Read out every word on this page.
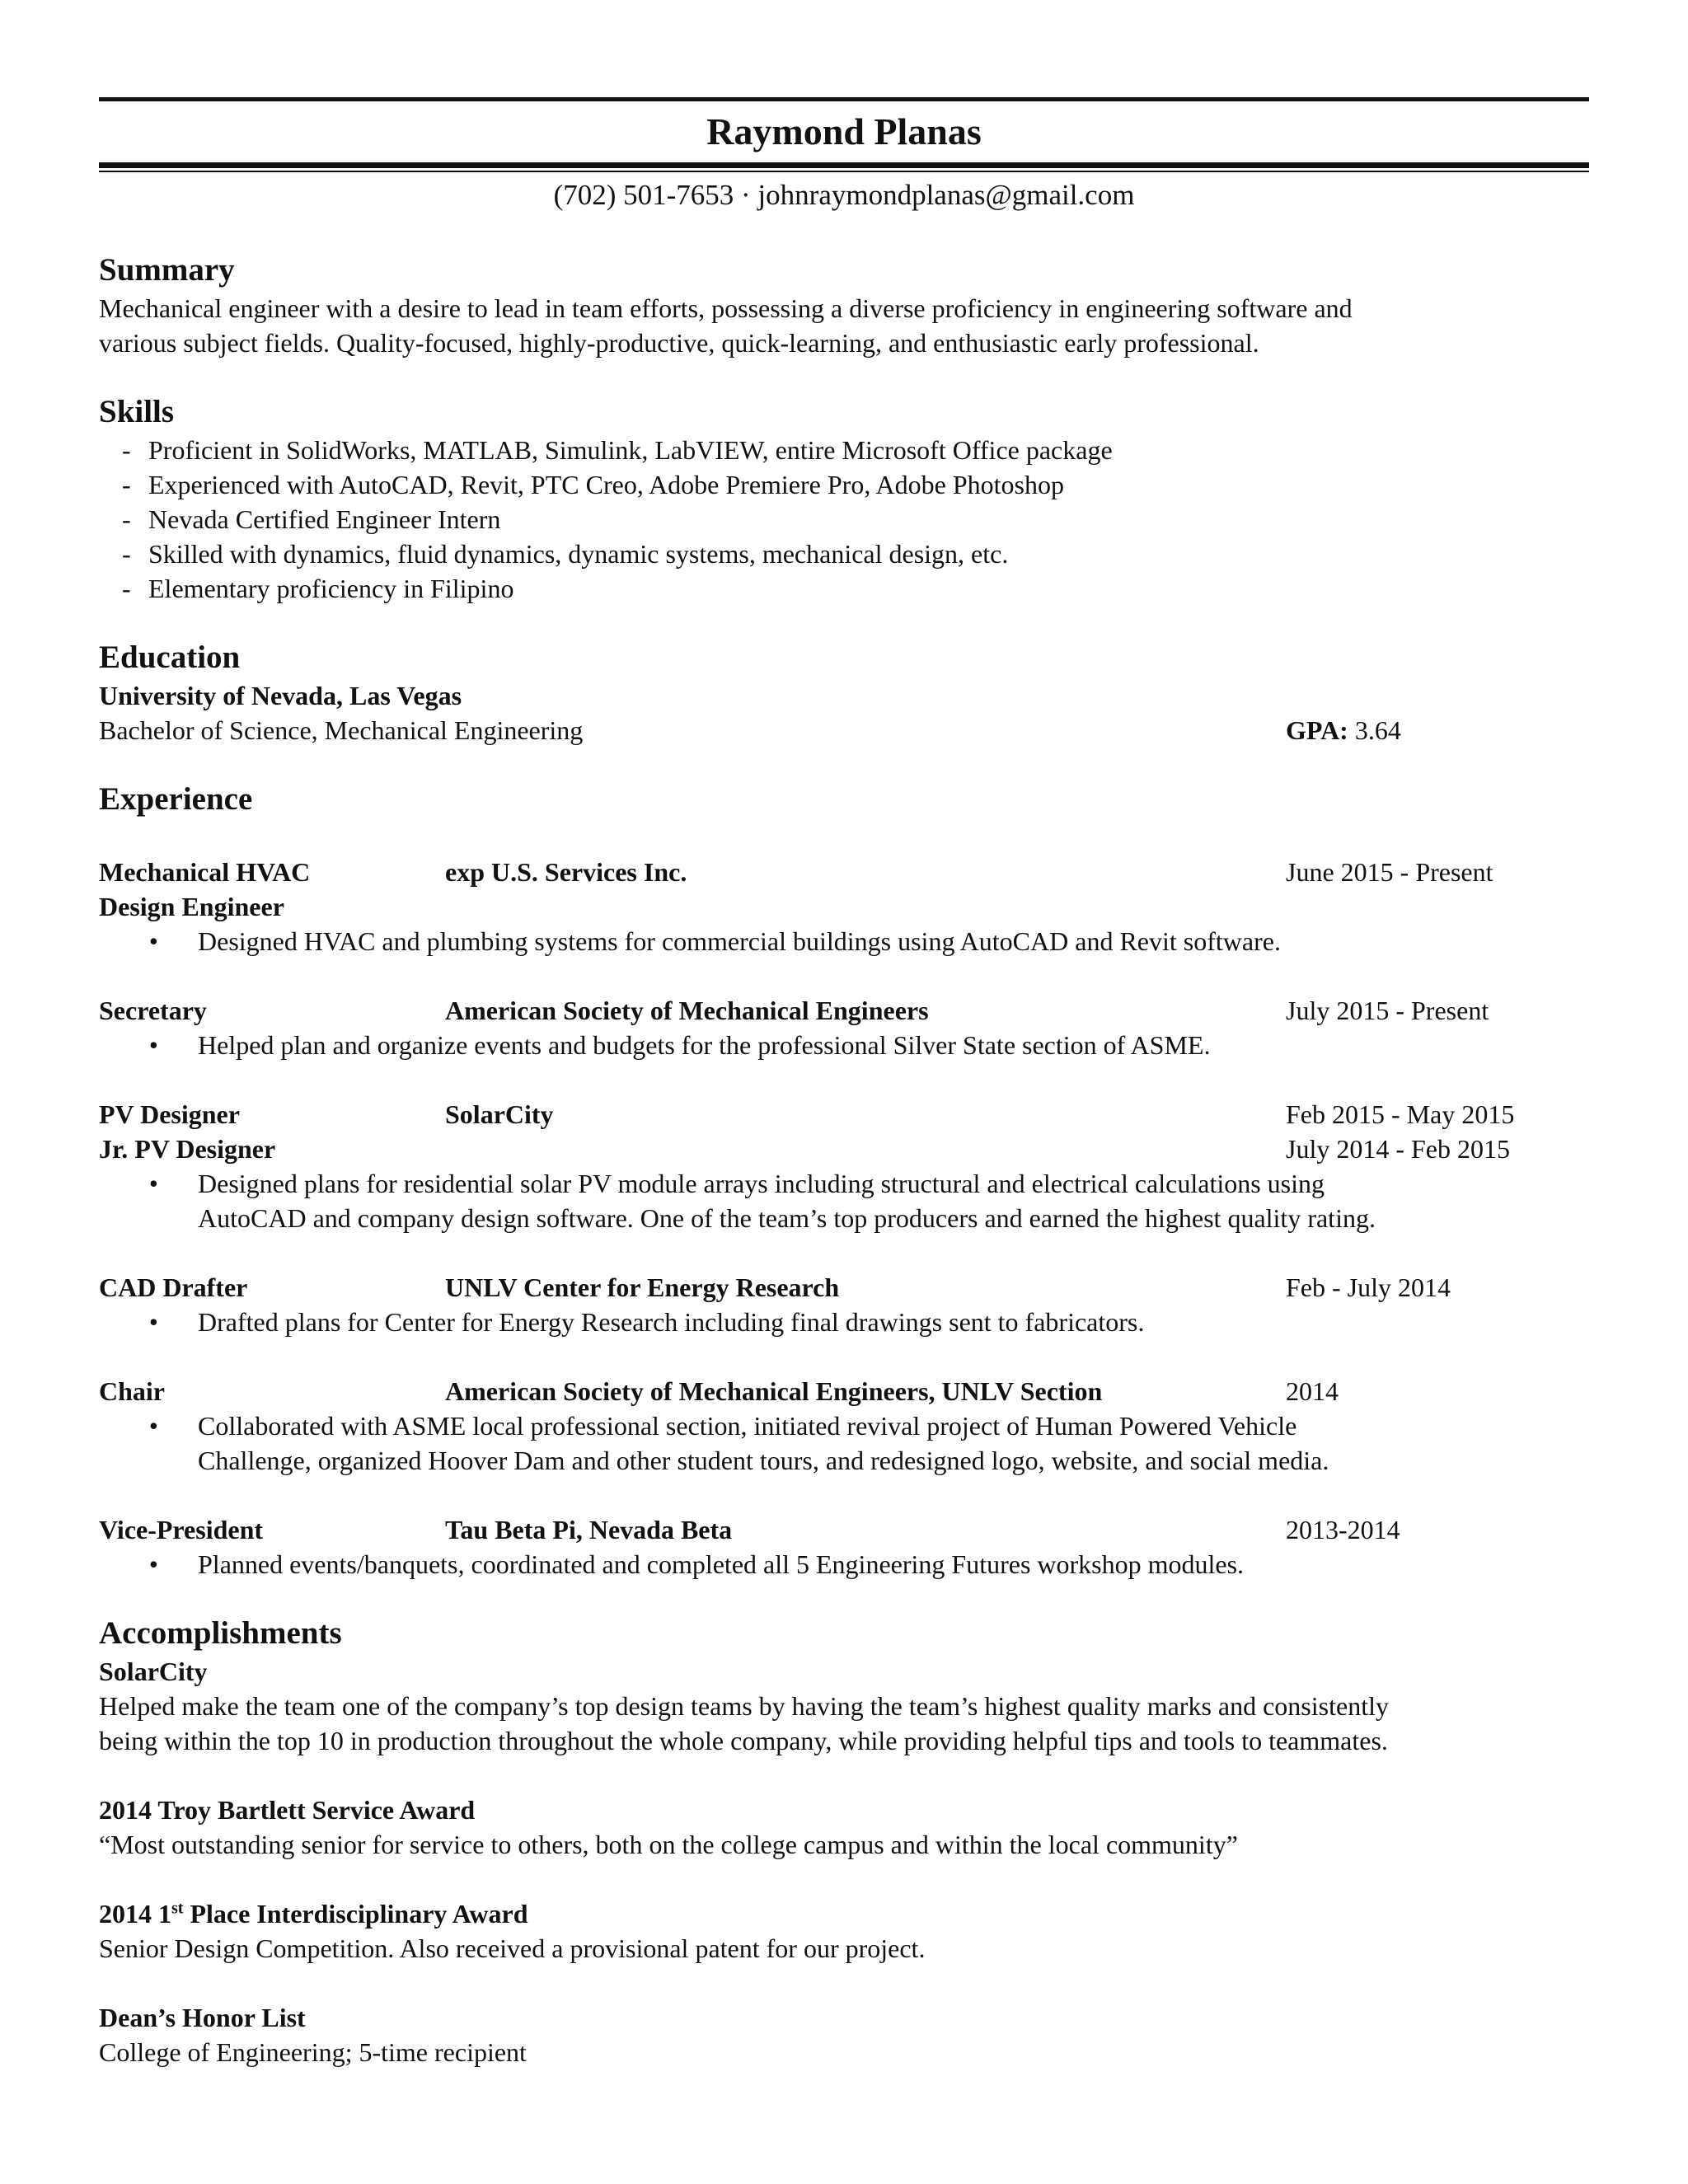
Raymond Planas
(702) 501-7653 · johnraymondplanas@gmail.com
Summary
Mechanical engineer with a desire to lead in team efforts, possessing a diverse proficiency in engineering software and
various subject fields. Quality-focused, highly-productive, quick-learning, and enthusiastic early professional.
Skills
- Proficient in SolidWorks, MATLAB, Simulink, LabVIEW, entire Microsoft Office package
- Experienced with AutoCAD, Revit, PTC Creo, Adobe Premiere Pro, Adobe Photoshop
- Nevada Certified Engineer Intern
- Skilled with dynamics, fluid dynamics, dynamic systems, mechanical design, etc.
- Elementary proficiency in Filipino
Education
University of Nevada, Las Vegas
Bachelor of Science, Mechanical Engineering	GPA: 3.64
Experience
Mechanical HVAC	exp U.S. Services Inc.	June 2015 - Present
Design Engineer
•	Designed HVAC and plumbing systems for commercial buildings using AutoCAD and Revit software.
Secretary	American Society of Mechanical Engineers	July 2015 - Present
•	Helped plan and organize events and budgets for the professional Silver State section of ASME.
PV Designer	SolarCity	Feb 2015 - May 2015
Jr. PV Designer	July 2014 - Feb 2015
•	Designed plans for residential solar PV module arrays including structural and electrical calculations using
AutoCAD and company design software. One of the team’s top producers and earned the highest quality rating.
CAD Drafter	UNLV Center for Energy Research	Feb - July 2014
•	Drafted plans for Center for Energy Research including final drawings sent to fabricators.
Chair	American Society of Mechanical Engineers, UNLV Section	2014
•	Collaborated with ASME local professional section, initiated revival project of Human Powered Vehicle
Challenge, organized Hoover Dam and other student tours, and redesigned logo, website, and social media.
Vice-President	Tau Beta Pi, Nevada Beta	2013-2014
•	Planned events/banquets, coordinated and completed all 5 Engineering Futures workshop modules.
Accomplishments
SolarCity
Helped make the team one of the company’s top design teams by having the team’s highest quality marks and consistently
being within the top 10 in production throughout the whole company, while providing helpful tips and tools to teammates.
2014 Troy Bartlett Service Award
“Most outstanding senior for service to others, both on the college campus and within the local community”
2014 1st Place Interdisciplinary Award
Senior Design Competition. Also received a provisional patent for our project.
Dean’s Honor List
College of Engineering; 5-time recipient
